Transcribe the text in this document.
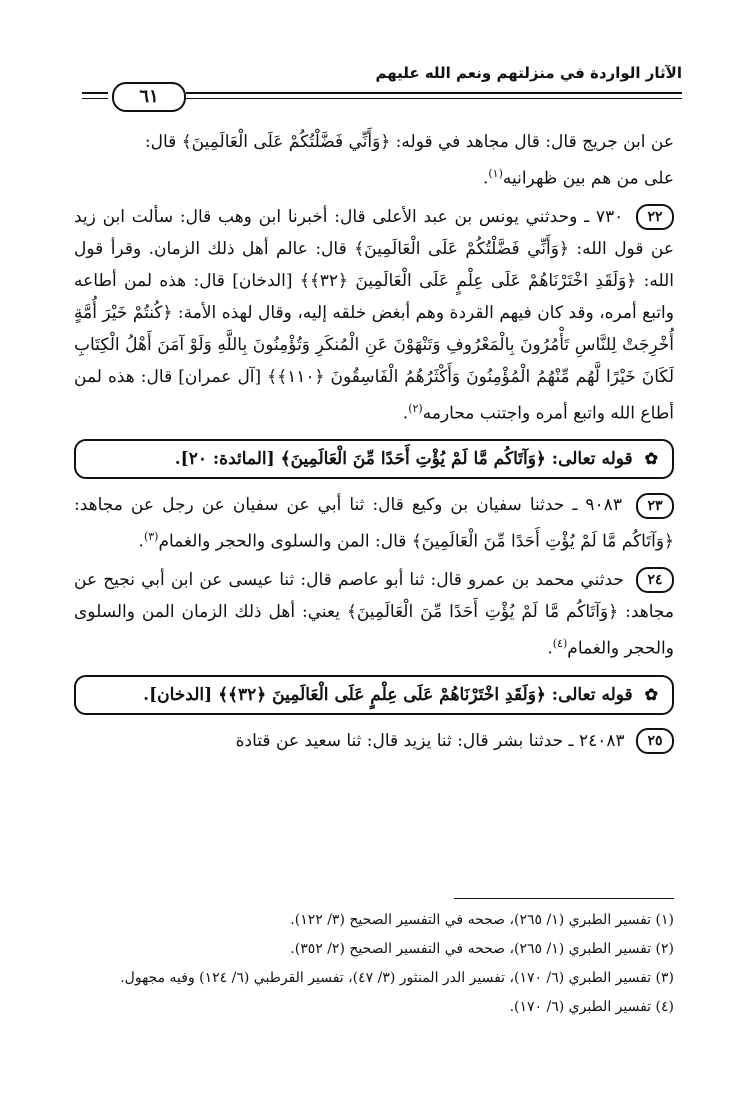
الآثار الواردة في منزلتهم ونعم الله عليهم
٦١

عن ابن جريج قال: قال مجاهد في قوله: ﴿وَأَنِّي فَضَّلْتُكُمْ عَلَى الْعَالَمِينَ﴾ قال:
على من هم بين ظهرانيه$^{(١)}$.

٢٢ ٧٣٠ ـ وحدثني يونس بن عبد الأعلى قال: أخبرنا ابن وهب قال: سألت ابن زيد عن قول الله: ﴿وَأَنِّي فَضَّلْتُكُمْ عَلَى الْعَالَمِينَ﴾ قال: عالم أهل ذلك الزمان. وقرأ قول الله: ﴿وَلَقَدِ اخْتَرْنَاهُمْ عَلَى عِلْمٍ عَلَى الْعَالَمِينَ ﴿٣٢﴾﴾ [الدخان] قال: هذه لمن أطاعه واتبع أمره، وقد كان فيهم القردة وهم أبغض خلقه إليه، وقال لهذه الأمة: ﴿كُنتُمْ خَيْرَ أُمَّةٍ أُخْرِجَتْ لِلنَّاسِ تَأْمُرُونَ بِالْمَعْرُوفِ وَتَنْهَوْنَ عَنِ الْمُنكَرِ وَتُؤْمِنُونَ بِاللَّهِ وَلَوْ آمَنَ أَهْلُ الْكِتَابِ لَكَانَ خَيْرًا لَّهُم مِّنْهُمُ الْمُؤْمِنُونَ وَأَكْثَرُهُمُ الْفَاسِقُونَ ﴿١١٠﴾﴾ [آل عمران] قال: هذه لمن أطاع الله واتبع أمره واجتنب محارمه$^{(٢)}$.

✿ قوله تعالى: ﴿وَآتَاكُم مَّا لَمْ يُؤْتِ أَحَدًا مِّنَ الْعَالَمِينَ﴾ [المائدة: ٢٠].

٢٣ ٩٠٨٣ ـ حدثنا سفيان بن وكيع قال: ثنا أبي عن سفيان عن رجل عن مجاهد: ﴿وَآتَاكُم مَّا لَمْ يُؤْتِ أَحَدًا مِّنَ الْعَالَمِينَ﴾ قال: المن والسلوى والحجر والغمام$^{(٣)}$.

٢٤ حدثني محمد بن عمرو قال: ثنا أبو عاصم قال: ثنا عيسى عن ابن أبي نجيح عن مجاهد: ﴿وَآتَاكُم مَّا لَمْ يُؤْتِ أَحَدًا مِّنَ الْعَالَمِينَ﴾ يعني: أهل ذلك الزمان المن والسلوى والحجر والغمام$^{(٤)}$.

✿ قوله تعالى: ﴿وَلَقَدِ اخْتَرْنَاهُمْ عَلَى عِلْمٍ عَلَى الْعَالَمِينَ ﴿٣٢﴾﴾ [الدخان].

٢٥ ٢٤٠٨٣ ـ حدثنا بشر قال: ثنا يزيد قال: ثنا سعيد عن قتادة

(١) تفسير الطبري (١/ ٢٦٥)، صححه في التفسير الصحيح (٣/ ١٢٢).
(٢) تفسير الطبري (١/ ٢٦٥)، صححه في التفسير الصحيح (٢/ ٣٥٢).
(٣) تفسير الطبري (٦/ ١٧٠)، تفسير الدر المنثور (٣/ ٤٧)، تفسير القرطبي (٦/ ١٢٤) وفيه مجهول.
(٤) تفسير الطبري (٦/ ١٧٠).
